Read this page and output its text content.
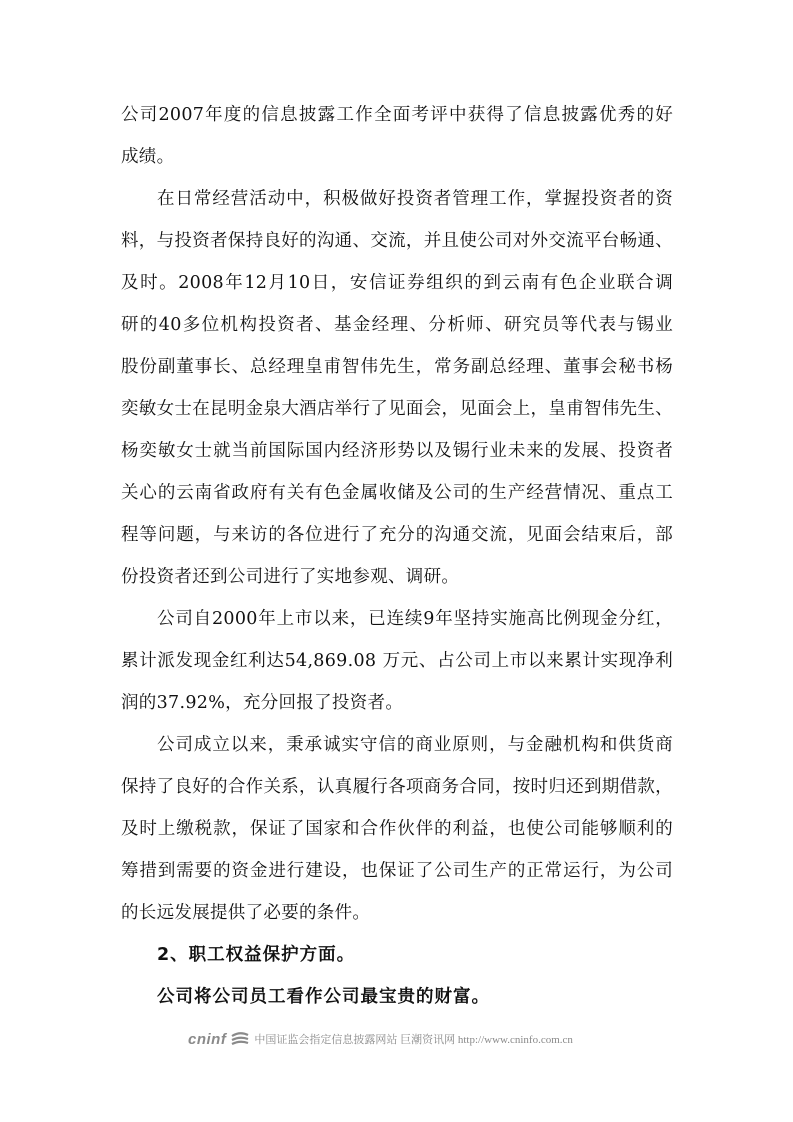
公司2007年度的信息披露工作全面考评中获得了信息披露优秀的好
成绩。
在日常经营活动中，积极做好投资者管理工作，掌握投资者的资
料，与投资者保持良好的沟通、交流，并且使公司对外交流平台畅通、
及时。2008年12月10日，安信证券组织的到云南有色企业联合调
研的40多位机构投资者、基金经理、分析师、研究员等代表与锡业
股份副董事长、总经理皇甫智伟先生，常务副总经理、董事会秘书杨
奕敏女士在昆明金泉大酒店举行了见面会，见面会上，皇甫智伟先生、
杨奕敏女士就当前国际国内经济形势以及锡行业未来的发展、投资者
关心的云南省政府有关有色金属收储及公司的生产经营情况、重点工
程等问题，与来访的各位进行了充分的沟通交流，见面会结束后，部
份投资者还到公司进行了实地参观、调研。
公司自2000年上市以来，已连续9年坚持实施高比例现金分红，
累计派发现金红利达54,869.08 万元、占公司上市以来累计实现净利
润的37.92%，充分回报了投资者。
公司成立以来，秉承诚实守信的商业原则，与金融机构和供货商
保持了良好的合作关系，认真履行各项商务合同，按时归还到期借款，
及时上缴税款，保证了国家和合作伙伴的利益，也使公司能够顺利的
筹措到需要的资金进行建设，也保证了公司生产的正常运行，为公司
的长远发展提供了必要的条件。
2、职工权益保护方面。
公司将公司员工看作公司最宝贵的财富。
cninf	中国证监会指定信息披露网站 巨潮资讯网 http://www.cninfo.com.cn
